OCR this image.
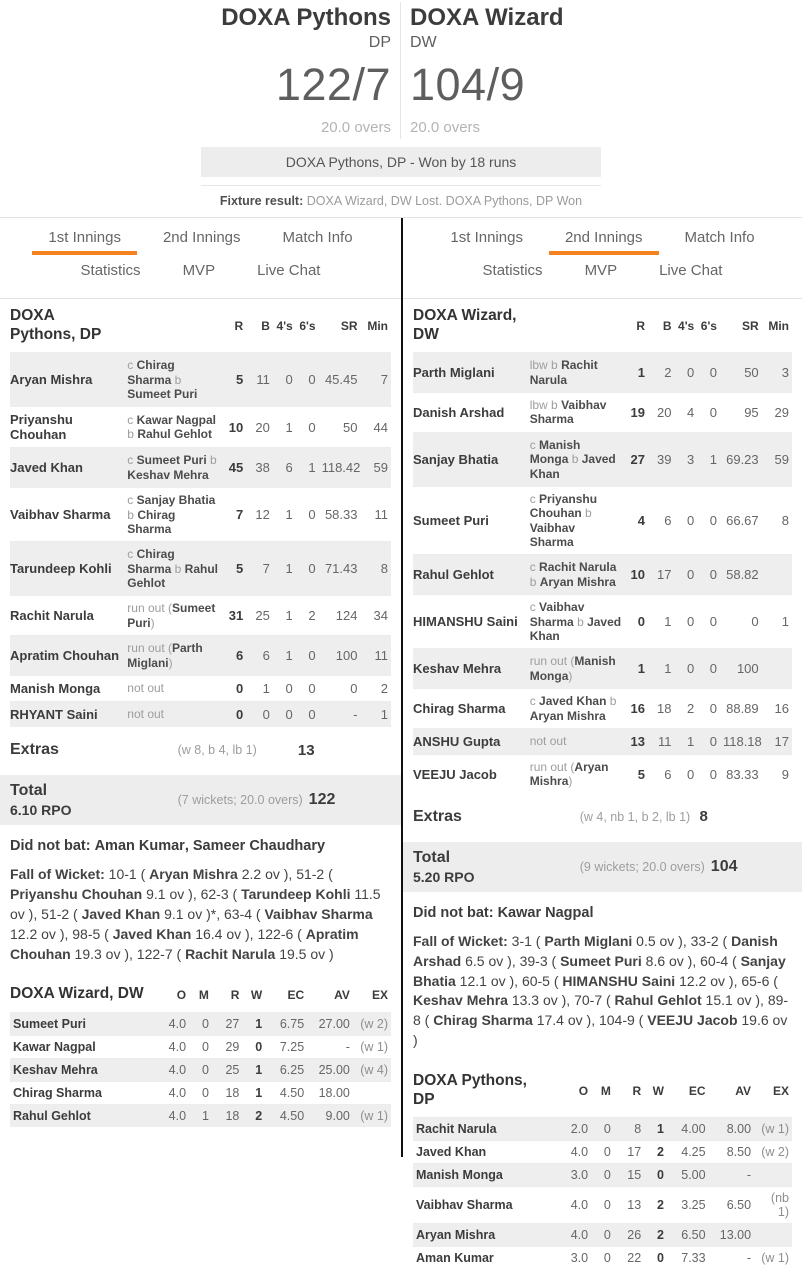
DOXA Pythons
DP
122/7
20.0 overs
DOXA Wizard
DW
104/9
20.0 overs
DOXA Pythons, DP - Won by 18 runs
Fixture result: DOXA Wizard, DW Lost. DOXA Pythons, DP Won
1st Innings	2nd Innings	Match Info
Statistics	MVP	Live Chat
DOXA Pythons, DP		R	B	4's	6's	SR	Min
Aryan Mishra	c Chirag Sharma b Sumeet Puri	5	11	0	0	45.45	7
Priyanshu Chouhan	c Kawar Nagpal b Rahul Gehlot	10	20	1	0	50	44
Javed Khan	c Sumeet Puri b Keshav Mehra	45	38	6	1	118.42	59
Vaibhav Sharma	c Sanjay Bhatia b Chirag Sharma	7	12	1	0	58.33	11
Tarundeep Kohli	c Chirag Sharma b Rahul Gehlot	5	7	1	0	71.43	8
Rachit Narula	run out (Sumeet Puri)	31	25	1	2	124	34
Apratim Chouhan	run out (Parth Miglani)	6	6	1	0	100	11
Manish Monga	not out	0	1	0	0	0	2
RHYANT Saini	not out	0	0	0	0	-	1
Extras	(w 8, b 4, lb 1)	13
Total
6.10 RPO
(7 wickets; 20.0 overs) 122

Did not bat: Aman Kumar, Sameer Chaudhary

Fall of Wicket: 10-1 ( Aryan Mishra 2.2 ov ), 51-2 ( Priyanshu Chouhan 9.1 ov ), 62-3 ( Tarundeep Kohli 11.5 ov ), 51-2 ( Javed Khan 9.1 ov )*, 63-4 ( Vaibhav Sharma 12.2 ov ), 98-5 ( Javed Khan 16.4 ov ), 122-6 ( Apratim Chouhan 19.3 ov ), 122-7 ( Rachit Narula 19.5 ov )

DOXA Wizard, DW	O	M	R	W	EC	AV	EX
Sumeet Puri	4.0	0	27	1	6.75	27.00	(w 2)
Kawar Nagpal	4.0	0	29	0	7.25	-	(w 1)
Keshav Mehra	4.0	0	25	1	6.25	25.00	(w 4)
Chirag Sharma	4.0	0	18	1	4.50	18.00	
Rahul Gehlot	4.0	1	18	2	4.50	9.00	(w 1)
1st Innings	2nd Innings	Match Info
Statistics	MVP	Live Chat
DOXA Wizard, DW		R	B	4's	6's	SR	Min
Parth Miglani	lbw b Rachit Narula	1	2	0	0	50	3
Danish Arshad	lbw b Vaibhav Sharma	19	20	4	0	95	29
Sanjay Bhatia	c Manish Monga b Javed Khan	27	39	3	1	69.23	59
Sumeet Puri	c Priyanshu Chouhan b Vaibhav Sharma	4	6	0	0	66.67	8
Rahul Gehlot	c Rachit Narula b Aryan Mishra	10	17	0	0	58.82	
HIMANSHU Saini	c Vaibhav Sharma b Javed Khan	0	1	0	0	0	1
Keshav Mehra	run out (Manish Monga)	1	1	0	0	100	
Chirag Sharma	c Javed Khan b Aryan Mishra	16	18	2	0	88.89	16
ANSHU Gupta	not out	13	11	1	0	118.18	17
VEEJU Jacob	run out (Aryan Mishra)	5	6	0	0	83.33	9
Extras	(w 4, nb 1, b 2, lb 1) 8
Total
5.20 RPO
(9 wickets; 20.0 overs) 104

Did not bat: Kawar Nagpal

Fall of Wicket: 3-1 ( Parth Miglani 0.5 ov ), 33-2 ( Danish Arshad 6.5 ov ), 39-3 ( Sumeet Puri 8.6 ov ), 60-4 ( Sanjay Bhatia 12.1 ov ), 60-5 ( HIMANSHU Saini 12.2 ov ), 65-6 ( Keshav Mehra 13.3 ov ), 70-7 ( Rahul Gehlot 15.1 ov ), 89-8 ( Chirag Sharma 17.4 ov ), 104-9 ( VEEJU Jacob 19.6 ov )

DOXA Pythons, DP	O	M	R	W	EC	AV	EX
Rachit Narula	2.0	0	8	1	4.00	8.00	(w 1)
Javed Khan	4.0	0	17	2	4.25	8.50	(w 2)
Manish Monga	3.0	0	15	0	5.00	-	
Vaibhav Sharma	4.0	0	13	2	3.25	6.50	(nb 1)
Aryan Mishra	4.0	0	26	2	6.50	13.00	
Aman Kumar	3.0	0	22	0	7.33	-	(w 1)
